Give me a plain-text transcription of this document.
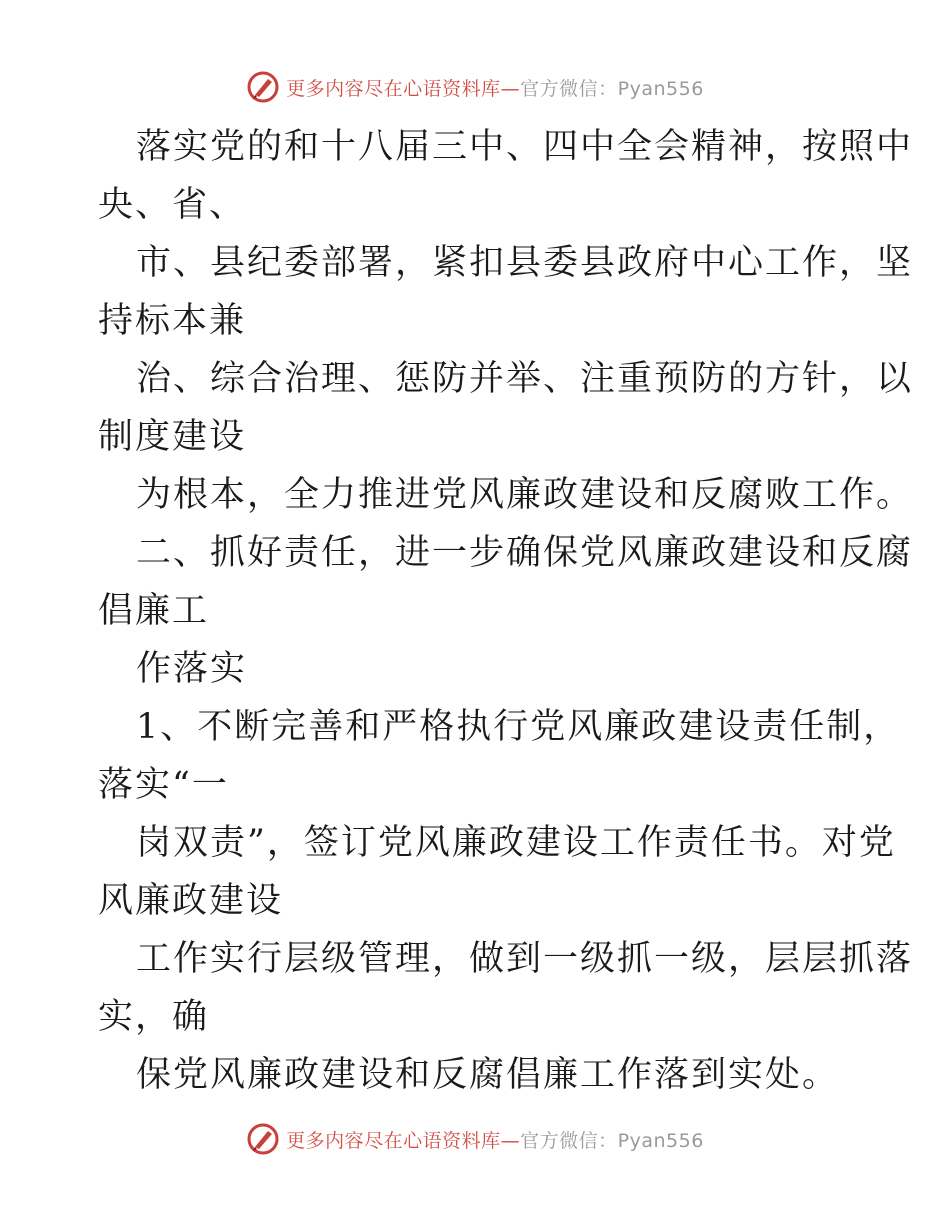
更多内容尽在心语资料库—官方微信：Pyan556
落实党的和十八届三中、四中全会精神，按照中
央、省、
市、县纪委部署，紧扣县委县政府中心工作，坚
持标本兼
治、综合治理、惩防并举、注重预防的方针，以
制度建设
为根本，全力推进党风廉政建设和反腐败工作。
二、抓好责任，进一步确保党风廉政建设和反腐
倡廉工
作落实
1、不断完善和严格执行党风廉政建设责任制，
落实“一
岗双责”，签订党风廉政建设工作责任书。对党
风廉政建设
工作实行层级管理，做到一级抓一级，层层抓落
实，确
保党风廉政建设和反腐倡廉工作落到实处。
更多内容尽在心语资料库—官方微信：Pyan556
